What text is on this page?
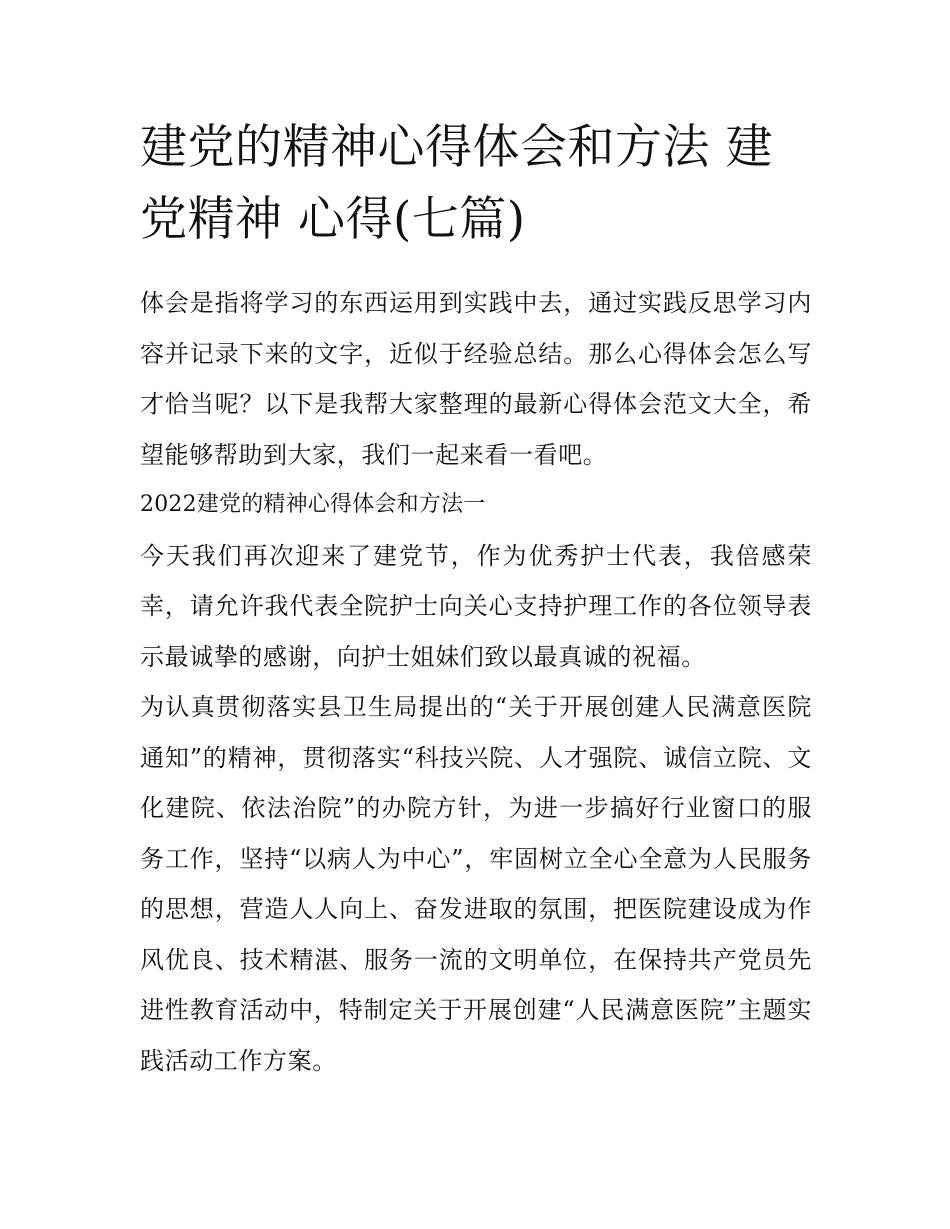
建党的精神心得体会和方法 建党精神 心得(七篇)

体会是指将学习的东西运用到实践中去，通过实践反思学习内容并记录下来的文字，近似于经验总结。那么心得体会怎么写才恰当呢？以下是我帮大家整理的最新心得体会范文大全，希望能够帮助到大家，我们一起来看一看吧。

2022建党的精神心得体会和方法一

今天我们再次迎来了建党节，作为优秀护士代表，我倍感荣幸，请允许我代表全院护士向关心支持护理工作的各位领导表示最诚挚的感谢，向护士姐妹们致以最真诚的祝福。

为认真贯彻落实县卫生局提出的“关于开展创建人民满意医院通知”的精神，贯彻落实“科技兴院、人才强院、诚信立院、文化建院、依法治院”的办院方针，为进一步搞好行业窗口的服务工作，坚持“以病人为中心”，牢固树立全心全意为人民服务的思想，营造人人向上、奋发进取的氛围，把医院建设成为作风优良、技术精湛、服务一流的文明单位，在保持共产党员先进性教育活动中，特制定关于开展创建“人民满意医院”主题实践活动工作方案。
